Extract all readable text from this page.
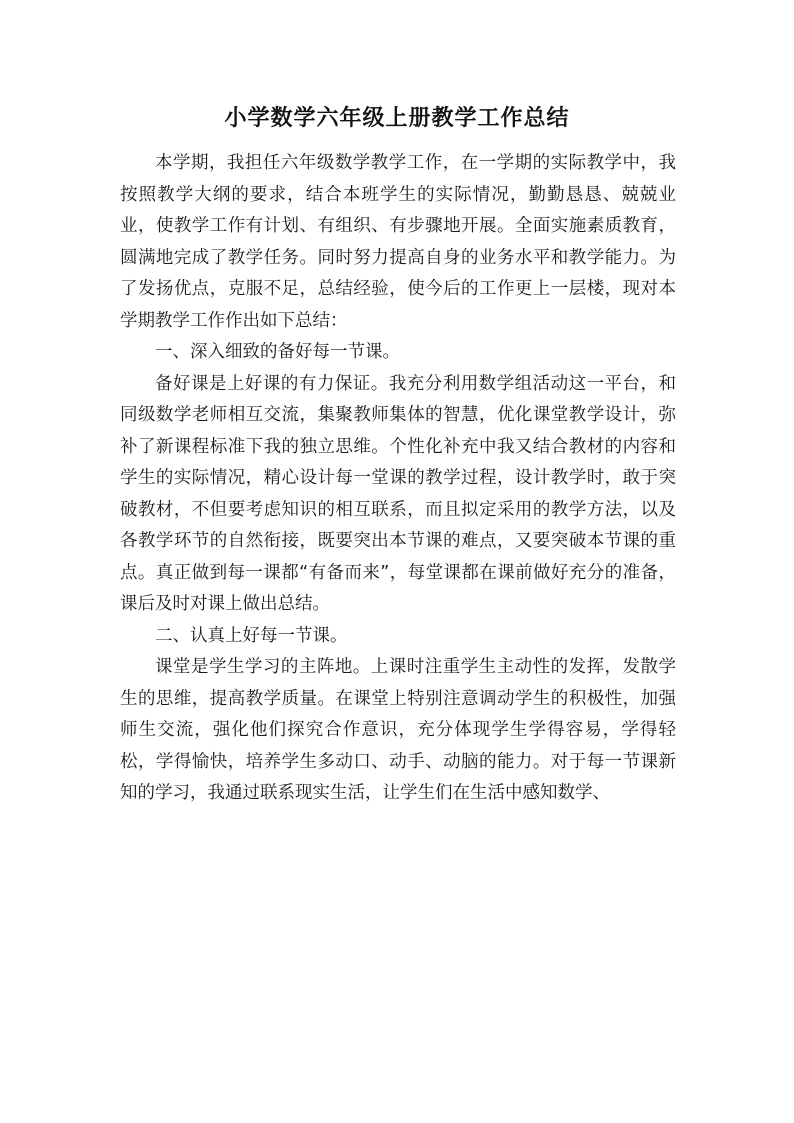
小学数学六年级上册教学工作总结

本学期，我担任六年级数学教学工作，在一学期的实际教学中，我按照教学大纲的要求，结合本班学生的实际情况，勤勤恳恳、兢兢业业，使教学工作有计划、有组织、有步骤地开展。全面实施素质教育，圆满地完成了教学任务。同时努力提高自身的业务水平和教学能力。为了发扬优点，克服不足，总结经验，使今后的工作更上一层楼，现对本学期教学工作作出如下总结：

一、深入细致的备好每一节课。

备好课是上好课的有力保证。我充分利用数学组活动这一平台，和同级数学老师相互交流，集聚教师集体的智慧，优化课堂教学设计，弥补了新课程标准下我的独立思维。个性化补充中我又结合教材的内容和学生的实际情况，精心设计每一堂课的教学过程，设计教学时，敢于突破教材，不但要考虑知识的相互联系，而且拟定采用的教学方法，以及各教学环节的自然衔接，既要突出本节课的难点，又要突破本节课的重点。真正做到每一课都“有备而来”，每堂课都在课前做好充分的准备，课后及时对课上做出总结。

二、认真上好每一节课。

课堂是学生学习的主阵地。上课时注重学生主动性的发挥，发散学生的思维，提高教学质量。在课堂上特别注意调动学生的积极性，加强师生交流，强化他们探究合作意识，充分体现学生学得容易，学得轻松，学得愉快，培养学生多动口、动手、动脑的能力。对于每一节课新知的学习，我通过联系现实生活，让学生们在生活中感知数学、
